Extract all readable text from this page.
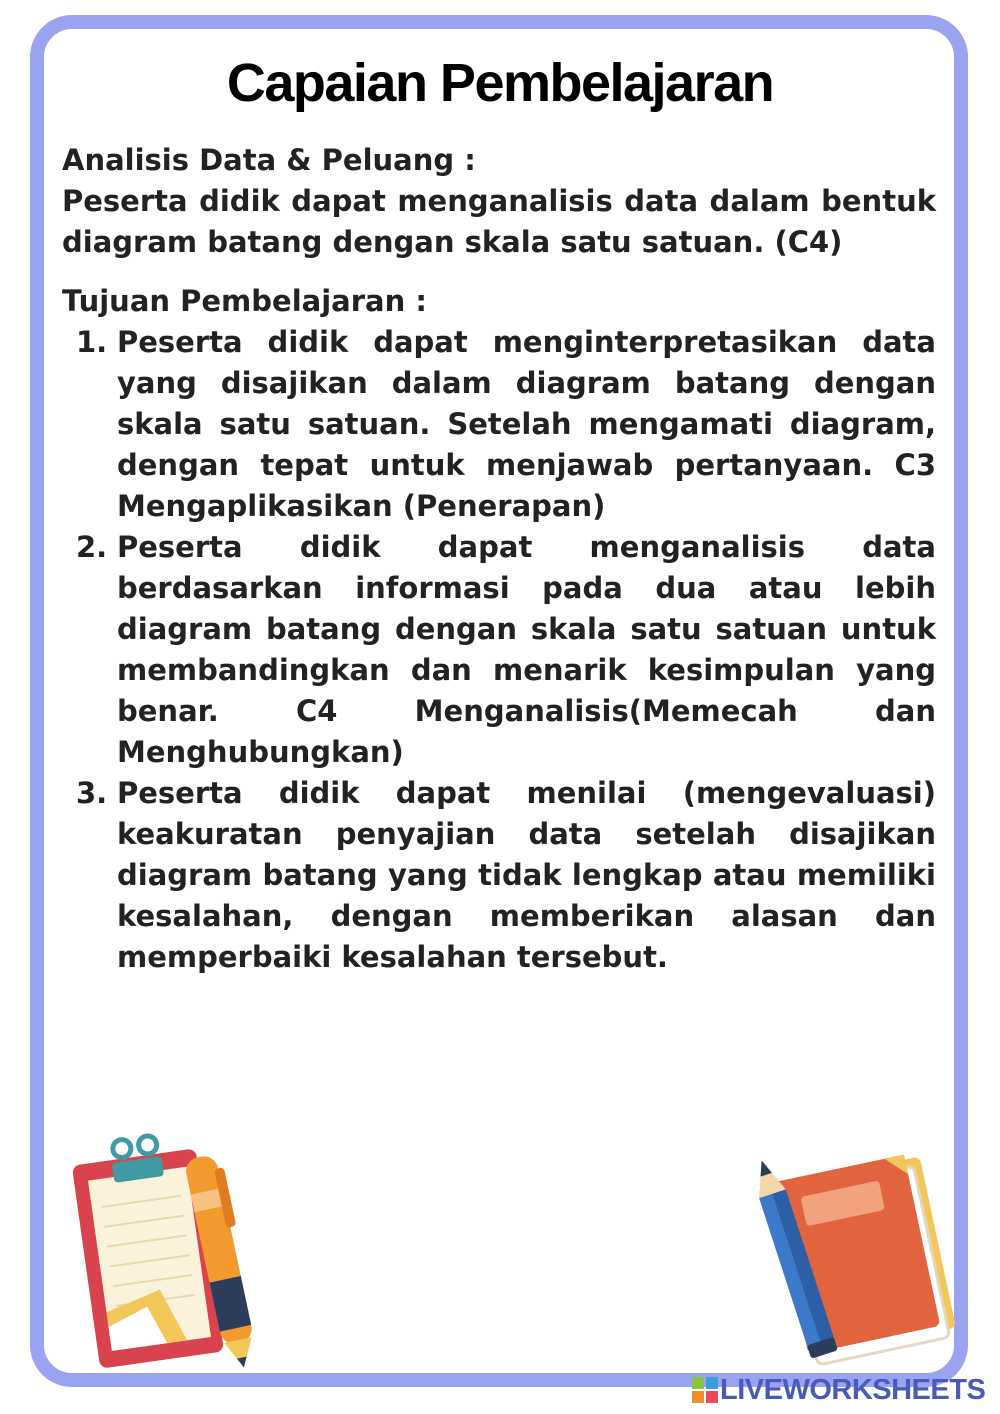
Capaian Pembelajaran

Analisis Data & Peluang :

Peserta didik dapat menganalisis data dalam bentuk diagram batang dengan skala satu satuan. (C4)

Tujuan Pembelajaran :

1. Peserta didik dapat menginterpretasikan data yang disajikan dalam diagram batang dengan skala satu satuan. Setelah mengamati diagram, dengan tepat untuk menjawab pertanyaan. C3 Mengaplikasikan (Penerapan)
2. Peserta didik dapat menganalisis data berdasarkan informasi pada dua atau lebih diagram batang dengan skala satu satuan untuk membandingkan dan menarik kesimpulan yang benar. C4 Menganalisis(Memecah dan Menghubungkan)
3. Peserta didik dapat menilai (mengevaluasi) keakuratan penyajian data setelah disajikan diagram batang yang tidak lengkap atau memiliki kesalahan, dengan memberikan alasan dan memperbaiki kesalahan tersebut.
LIVEWORKSHEETS
